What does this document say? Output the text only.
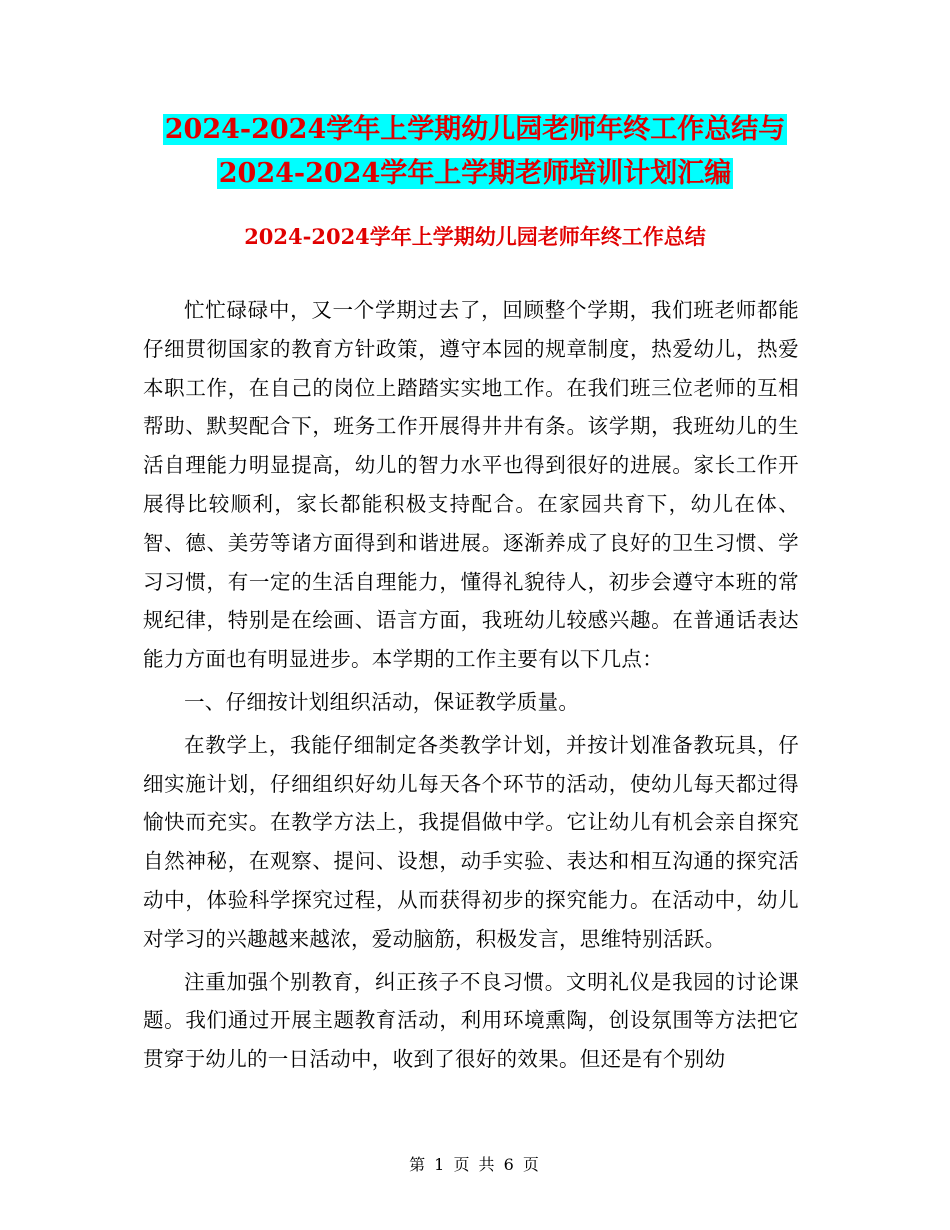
2024-2024学年上学期幼儿园老师年终工作总结与
2024-2024学年上学期老师培训计划汇编
2024-2024学年上学期幼儿园老师年终工作总结

忙忙碌碌中，又一个学期过去了，回顾整个学期，我们班老师都能仔细贯彻国家的教育方针政策，遵守本园的规章制度，热爱幼儿，热爱本职工作，在自己的岗位上踏踏实实地工作。在我们班三位老师的互相帮助、默契配合下，班务工作开展得井井有条。该学期，我班幼儿的生活自理能力明显提高，幼儿的智力水平也得到很好的进展。家长工作开展得比较顺利，家长都能积极支持配合。在家园共育下，幼儿在体、智、德、美劳等诸方面得到和谐进展。逐渐养成了良好的卫生习惯、学习习惯，有一定的生活自理能力，懂得礼貌待人，初步会遵守本班的常规纪律，特别是在绘画、语言方面，我班幼儿较感兴趣。在普通话表达能力方面也有明显进步。本学期的工作主要有以下几点：

一、仔细按计划组织活动，保证教学质量。

在教学上，我能仔细制定各类教学计划，并按计划准备教玩具，仔细实施计划，仔细组织好幼儿每天各个环节的活动，使幼儿每天都过得愉快而充实。在教学方法上，我提倡做中学。它让幼儿有机会亲自探究自然神秘，在观察、提问、设想，动手实验、表达和相互沟通的探究活动中，体验科学探究过程，从而获得初步的探究能力。在活动中，幼儿对学习的兴趣越来越浓，爱动脑筋，积极发言，思维特别活跃。

注重加强个别教育，纠正孩子不良习惯。文明礼仪是我园的讨论课题。我们通过开展主题教育活动，利用环境熏陶，创设氛围等方法把它贯穿于幼儿的一日活动中，收到了很好的效果。但还是有个别幼

第 1 页 共 6 页
